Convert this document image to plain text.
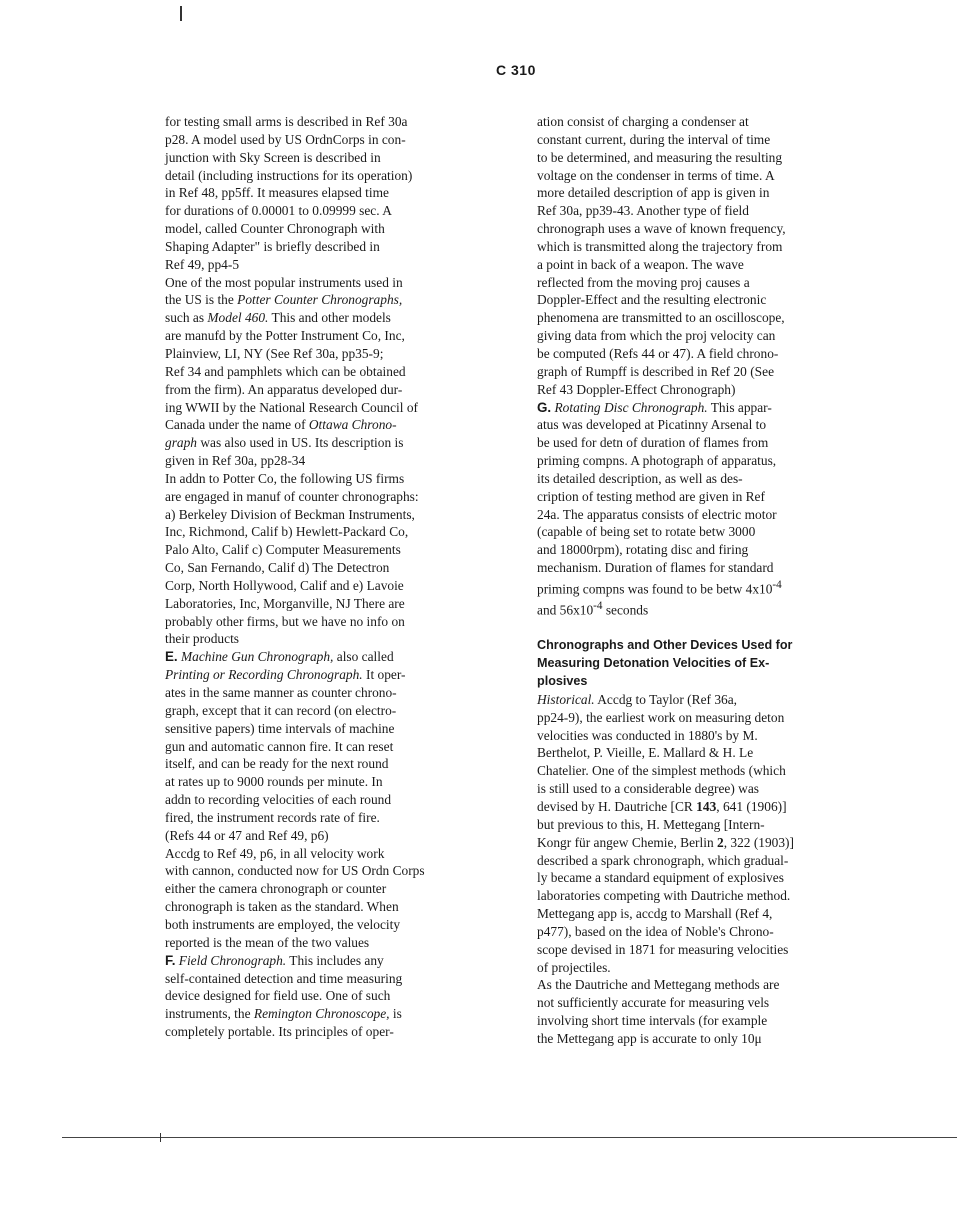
C 310
for testing small arms is described in Ref 30a
p28. A model used by US OrdnCorps in con-
junction with Sky Screen is described in
detail (including instructions for its operation)
in Ref 48, pp5ff. It measures elapsed time
for durations of 0.00001 to 0.09999 sec. A
model, called Counter Chronograph with
Shaping Adapter" is briefly described in
Ref 49, pp4-5
One of the most popular instruments used in
the US is the Potter Counter Chronographs,
such as Model 460. This and other models
are manufd by the Potter Instrument Co, Inc,
Plainview, LI, NY (See Ref 30a, pp35-9;
Ref 34 and pamphlets which can be obtained
from the firm). An apparatus developed dur-
ing WWII by the National Research Council of
Canada under the name of Ottawa Chrono-
graph was also used in US. Its description is
given in Ref 30a, pp28-34
In addn to Potter Co, the following US firms
are engaged in manuf of counter chronographs:
a) Berkeley Division of Beckman Instruments,
Inc, Richmond, Calif b) Hewlett-Packard Co,
Palo Alto, Calif c) Computer Measurements
Co, San Fernando, Calif d) The Detectron
Corp, North Hollywood, Calif and e) Lavoie
Laboratories, Inc, Morganville, NJ There are
probably other firms, but we have no info on
their products
E. Machine Gun Chronograph, also called
Printing or Recording Chronograph. It oper-
ates in the same manner as counter chrono-
graph, except that it can record (on electro-
sensitive papers) time intervals of machine
gun and automatic cannon fire. It can reset
itself, and can be ready for the next round
at rates up to 9000 rounds per minute. In
addn to recording velocities of each round
fired, the instrument records rate of fire.
(Refs 44 or 47 and Ref 49, p6)
Accdg to Ref 49, p6, in all velocity work
with cannon, conducted now for US Ordn Corps
either the camera chronograph or counter
chronograph is taken as the standard. When
both instruments are employed, the velocity
reported is the mean of the two values
F. Field Chronograph. This includes any
self-contained detection and time measuring
device designed for field use. One of such
instruments, the Remington Chronoscope, is
completely portable. Its principles of oper-
ation consist of charging a condenser at
constant current, during the interval of time
to be determined, and measuring the resulting
voltage on the condenser in terms of time. A
more detailed description of app is given in
Ref 30a, pp39-43. Another type of field
chronograph uses a wave of known frequency,
which is transmitted along the trajectory from
a point in back of a weapon. The wave
reflected from the moving proj causes a
Doppler-Effect and the resulting electronic
phenomena are transmitted to an oscilloscope,
giving data from which the proj velocity can
be computed (Refs 44 or 47). A field chrono-
graph of Rumpff is described in Ref 20 (See
Ref 43 Doppler-Effect Chronograph)
G. Rotating Disc Chronograph. This appar-
atus was developed at Picatinny Arsenal to
be used for detn of duration of flames from
priming compns. A photograph of apparatus,
its detailed description, as well as des-
cription of testing method are given in Ref
24a. The apparatus consists of electric motor
(capable of being set to rotate betw 3000
and 18000rpm), rotating disc and firing
mechanism. Duration of flames for standard
priming compns was found to be betw $4x10^{-4}$
and $56x10^{-4}$ seconds
Chronographs and Other Devices Used for
Measuring Detonation Velocities of Ex-
plosives
Historical. Accdg to Taylor (Ref 36a,
pp24-9), the earliest work on measuring deton
velocities was conducted in 1880's by M.
Berthelot, P. Vieille, E. Mallard & H. Le
Chatelier. One of the simplest methods (which
is still used to a considerable degree) was
devised by H. Dautriche [CR 143, 641 (1906)]
but previous to this, H. Mettegang [Intern-
Kongr für angew Chemie, Berlin 2, 322 (1903)]
described a spark chronograph, which gradual-
ly became a standard equipment of explosives
laboratories competing with Dautriche method.
Mettegang app is, accdg to Marshall (Ref 4,
p477), based on the idea of Noble's Chrono-
scope devised in 1871 for measuring velocities
of projectiles.
As the Dautriche and Mettegang methods are
not sufficiently accurate for measuring vels
involving short time intervals (for example
the Mettegang app is accurate to only 10μ
